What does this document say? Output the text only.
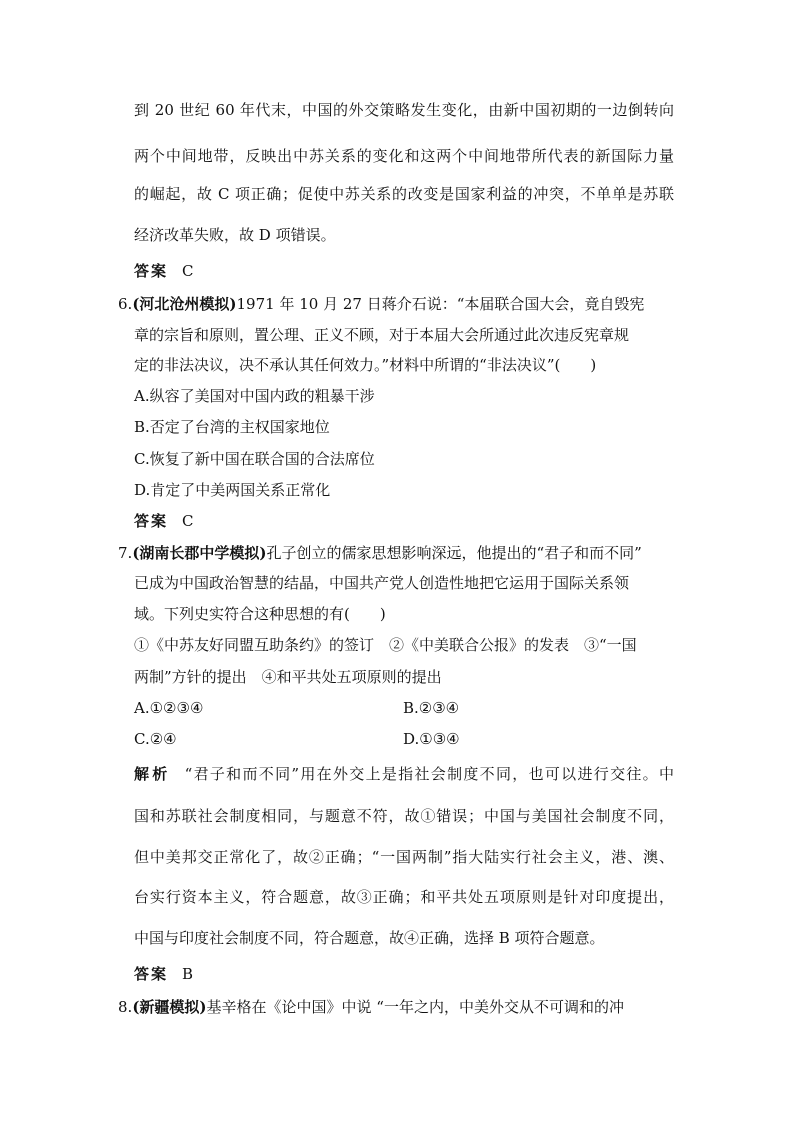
到 20 世纪 60 年代末，中国的外交策略发生变化，由新中国初期的一边倒转向
两个中间地带，反映出中苏关系的变化和这两个中间地带所代表的新国际力量
的崛起，故 C 项正确；促使中苏关系的改变是国家利益的冲突，不单单是苏联
经济改革失败，故 D 项错误。
答案 C
6.(河北沧州模拟)1971 年 10 月 27 日蒋介石说：“本届联合国大会，竟自毁宪
章的宗旨和原则，置公理、正义不顾，对于本届大会所通过此次违反宪章规
定的非法决议，决不承认其任何效力。”材料中所谓的“非法决议”(　　)
A.纵容了美国对中国内政的粗暴干涉
B.否定了台湾的主权国家地位
C.恢复了新中国在联合国的合法席位
D.肯定了中美两国关系正常化
答案 C
7.(湖南长郡中学模拟)孔子创立的儒家思想影响深远，他提出的“君子和而不同”
已成为中国政治智慧的结晶，中国共产党人创造性地把它运用于国际关系领
域。下列史实符合这种思想的有(　　)
①《中苏友好同盟互助条约》的签订　②《中美联合公报》的发表　③“一国
两制”方针的提出　④和平共处五项原则的提出
A.①②③④	B.②③④
C.②④	D.①③④
解析 “君子和而不同”用在外交上是指社会制度不同，也可以进行交往。中
国和苏联社会制度相同，与题意不符，故①错误；中国与美国社会制度不同，
但中美邦交正常化了，故②正确；“一国两制”指大陆实行社会主义，港、澳、
台实行资本主义，符合题意，故③正确；和平共处五项原则是针对印度提出，
中国与印度社会制度不同，符合题意，故④正确，选择 B 项符合题意。
答案 B
8.(新疆模拟)基辛格在《论中国》中说 “一年之内，中美外交从不可调和的冲
